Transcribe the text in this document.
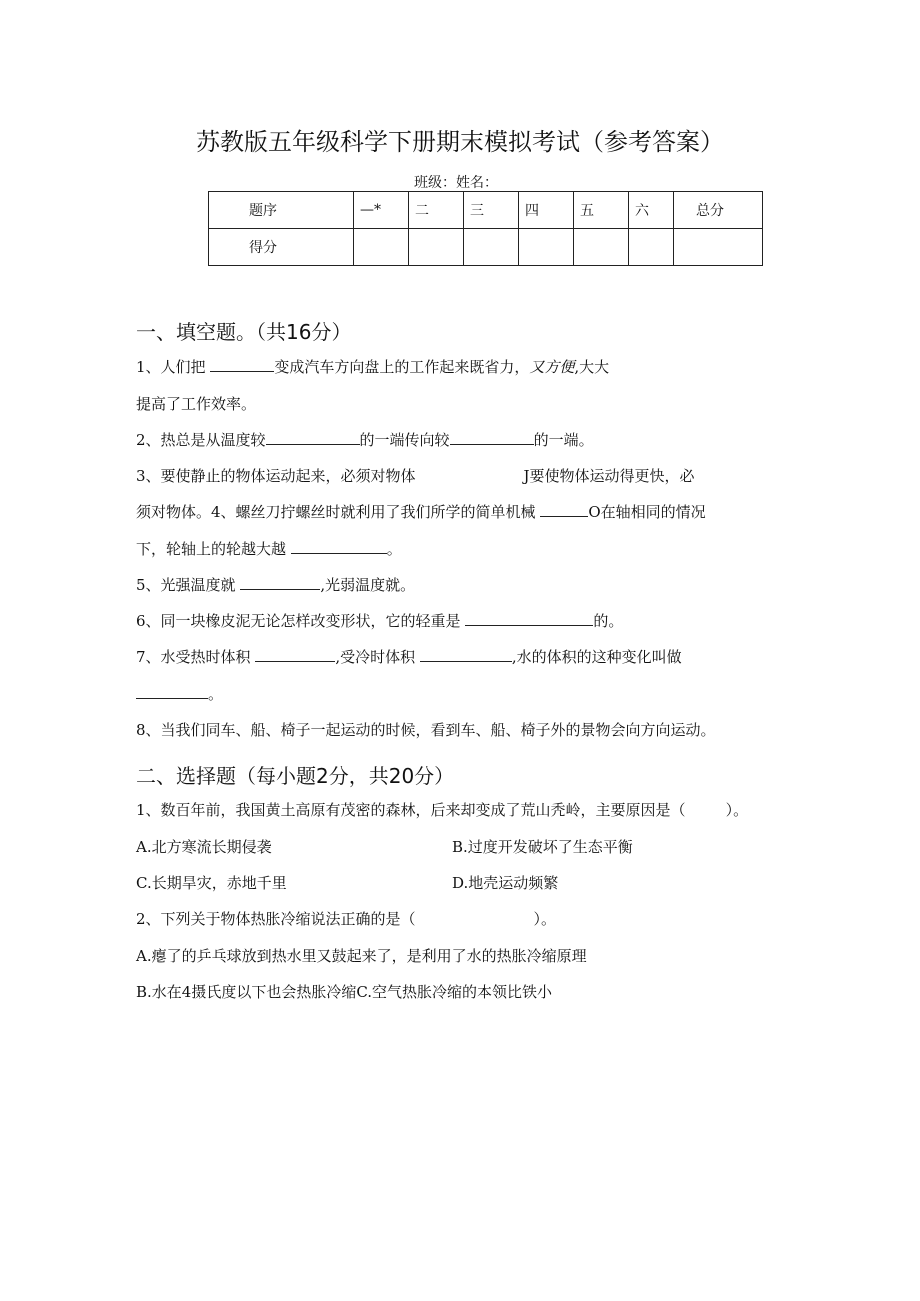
苏教版五年级科学下册期末模拟考试（参考答案）
班级：姓名：
题序	—*	二	三	四	五	六	总分
得分							
一、填空题。（共16分）
1、人们把	变成汽车方向盘上的工作起来既省力，又方便,大大
提高了工作效率。
2、热总是从温度较	的一端传向较	的一端。
3、要使静止的物体运动起来，必须对物体	J要使物体运动得更快，必
须对物体。4、螺丝刀拧螺丝时就利用了我们所学的简单机械	O在轴相同的情况
下，轮轴上的轮越大越	。
5、光强温度就	,光弱温度就。
6、同一块橡皮泥无论怎样改变形状，它的轻重是	的。
7、水受热时体积	,受冷时体积	,水的体积的这种变化叫做
。
8、当我们同车、船、椅子一起运动的时候，看到车、船、椅子外的景物会向方向运动。
二、选择题（每小题2分，共20分）
1、数百年前，我国黄土高原有茂密的森林，后来却变成了荒山秃岭，主要原因是（	）。
A.北方寒流长期侵袭	B.过度开发破坏了生态平衡
C.长期旱灾，赤地千里	D.地壳运动频繁
2、下列关于物体热胀冷缩说法正确的是（	）。
A.瘪了的乒乓球放到热水里又鼓起来了，是利用了水的热胀冷缩原理
B.水在4摄氏度以下也会热胀冷缩C.空气热胀冷缩的本领比铁小
